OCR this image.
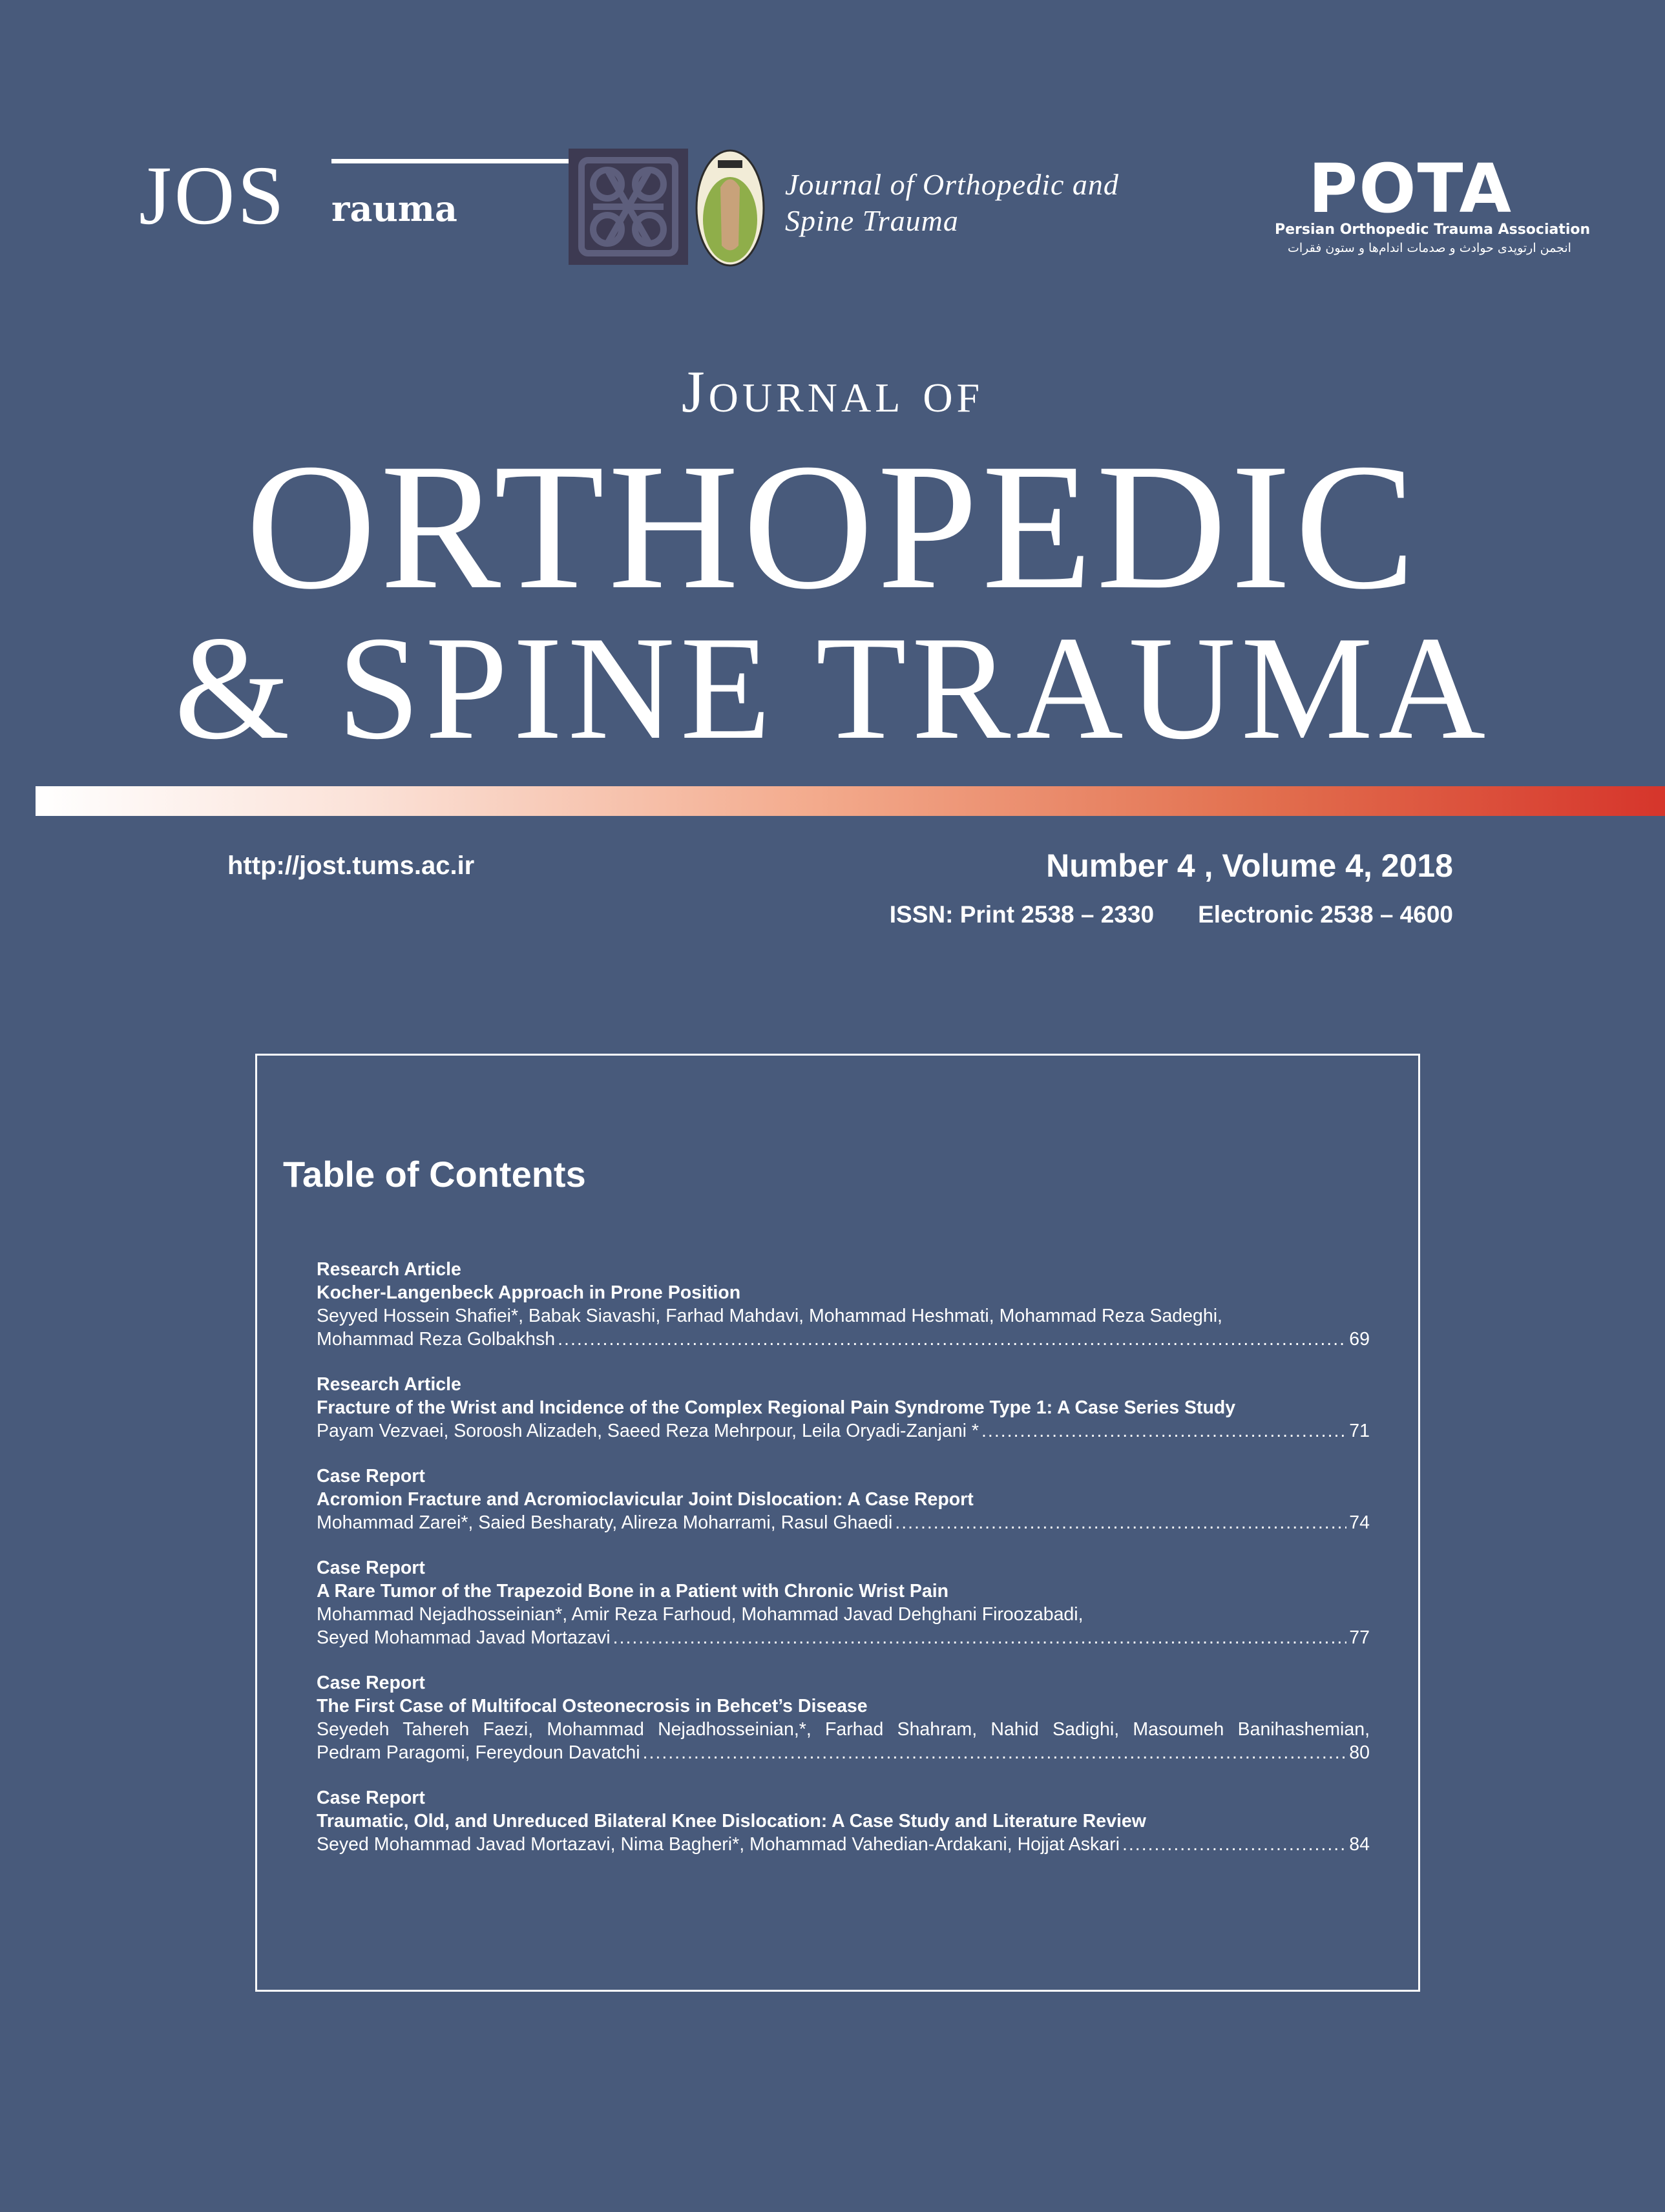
JOS rauma
Journal of Orthopedic and
Spine Trauma	POTA
Persian Orthopedic Trauma Association
انجمن ارتوپدی حوادث و صدمات اندام‌ها و ستون فقرات
Journal of
ORTHOPEDIC
& SPINE TRAUMA
http://jost.tums.ac.ir	Number 4 , Volume 4, 2018
ISSN: Print 2538 – 2330 Electronic 2538 – 4600
Table of Contents
Research Article
Kocher-Langenbeck Approach in Prone Position
Seyyed Hossein Shafiei*, Babak Siavashi, Farhad Mahdavi, Mohammad Heshmati, Mohammad Reza Sadeghi,
Mohammad Reza Golbakhsh .....	69
Research Article
Fracture of the Wrist and Incidence of the Complex Regional Pain Syndrome Type 1: A Case Series Study
Payam Vezvaei, Soroosh Alizadeh, Saeed Reza Mehrpour, Leila Oryadi-Zanjani * .....	71
Case Report
Acromion Fracture and Acromioclavicular Joint Dislocation: A Case Report
Mohammad Zarei*, Saied Besharaty, Alireza Moharrami, Rasul Ghaedi .....	74
Case Report
A Rare Tumor of the Trapezoid Bone in a Patient with Chronic Wrist Pain
Mohammad Nejadhosseinian*, Amir Reza Farhoud, Mohammad Javad Dehghani Firoozabadi,
Seyed Mohammad Javad Mortazavi .....	77
Case Report
The First Case of Multifocal Osteonecrosis in Behcet’s Disease
Seyedeh Tahereh Faezi, Mohammad Nejadhosseinian,*, Farhad Shahram, Nahid Sadighi, Masoumeh Banihashemian,
Pedram Paragomi, Fereydoun Davatchi .....	80
Case Report
Traumatic, Old, and Unreduced Bilateral Knee Dislocation: A Case Study and Literature Review
Seyed Mohammad Javad Mortazavi, Nima Bagheri*, Mohammad Vahedian-Ardakani, Hojjat Askari .....	84
